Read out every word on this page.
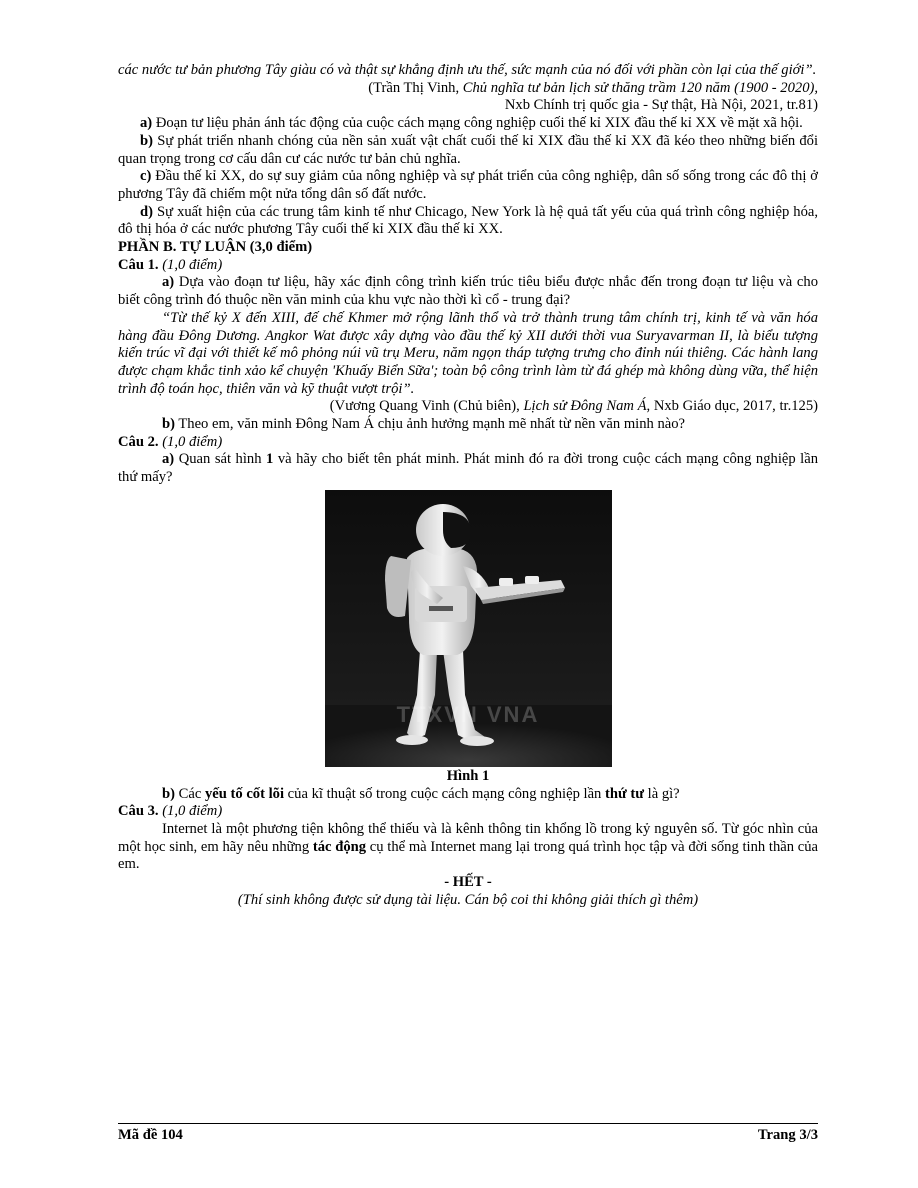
các nước tư bản phương Tây giàu có và thật sự khẳng định ưu thế, sức mạnh của nó đối với phần còn lại của thế giới”.

(Trần Thị Vinh, Chủ nghĩa tư bản lịch sử thăng trầm 120 năm (1900 - 2020),

Nxb Chính trị quốc gia - Sự thật, Hà Nội, 2021, tr.81)

a) Đoạn tư liệu phản ánh tác động của cuộc cách mạng công nghiệp cuối thế kỉ XIX đầu thế kỉ XX về mặt xã hội.

b) Sự phát triển nhanh chóng của nền sản xuất vật chất cuối thế kỉ XIX đầu thế kỉ XX đã kéo theo những biến đổi quan trọng trong cơ cấu dân cư các nước tư bản chủ nghĩa.

c) Đầu thế kỉ XX, do sự suy giảm của nông nghiệp và sự phát triển của công nghiệp, dân số sống trong các đô thị ở phương Tây đã chiếm một nửa tổng dân số đất nước.

d) Sự xuất hiện của các trung tâm kinh tế như Chicago, New York là hệ quả tất yếu của quá trình công nghiệp hóa, đô thị hóa ở các nước phương Tây cuối thế kỉ XIX đầu thế kỉ XX.

PHẦN B. TỰ LUẬN (3,0 điểm)

Câu 1. (1,0 điểm)

a) Dựa vào đoạn tư liệu, hãy xác định công trình kiến trúc tiêu biểu được nhắc đến trong đoạn tư liệu và cho biết công trình đó thuộc nền văn minh của khu vực nào thời kì cổ - trung đại?

“Từ thế kỷ X đến XIII, đế chế Khmer mở rộng lãnh thổ và trở thành trung tâm chính trị, kinh tế và văn hóa hàng đầu Đông Dương. Angkor Wat được xây dựng vào đầu thế kỷ XII dưới thời vua Suryavarman II, là biểu tượng kiến trúc vĩ đại với thiết kế mô phỏng núi vũ trụ Meru, năm ngọn tháp tượng trưng cho đỉnh núi thiêng. Các hành lang được chạm khắc tinh xảo kể chuyện 'Khuấy Biển Sữa'; toàn bộ công trình làm từ đá ghép mà không dùng vữa, thể hiện trình độ toán học, thiên văn và kỹ thuật vượt trội”.

(Vương Quang Vinh (Chủ biên), Lịch sử Đông Nam Á, Nxb Giáo dục, 2017, tr.125)

b) Theo em, văn minh Đông Nam Á chịu ảnh hưởng mạnh mẽ nhất từ nền văn minh nào?

Câu 2. (1,0 điểm)

a) Quan sát hình 1 và hãy cho biết tên phát minh. Phát minh đó ra đời trong cuộc cách mạng công nghiệp lần thứ mấy?

TTXVN VNA

Hình 1

b) Các yếu tố cốt lõi của kĩ thuật số trong cuộc cách mạng công nghiệp lần thứ tư là gì?

Câu 3. (1,0 điểm)

Internet là một phương tiện không thể thiếu và là kênh thông tin khổng lồ trong kỷ nguyên số. Từ góc nhìn của một học sinh, em hãy nêu những tác động cụ thể mà Internet mang lại trong quá trình học tập và đời sống tinh thần của em.

- HẾT -

(Thí sinh không được sử dụng tài liệu. Cán bộ coi thi không giải thích gì thêm)

Mã đề 104	Trang 3/3
